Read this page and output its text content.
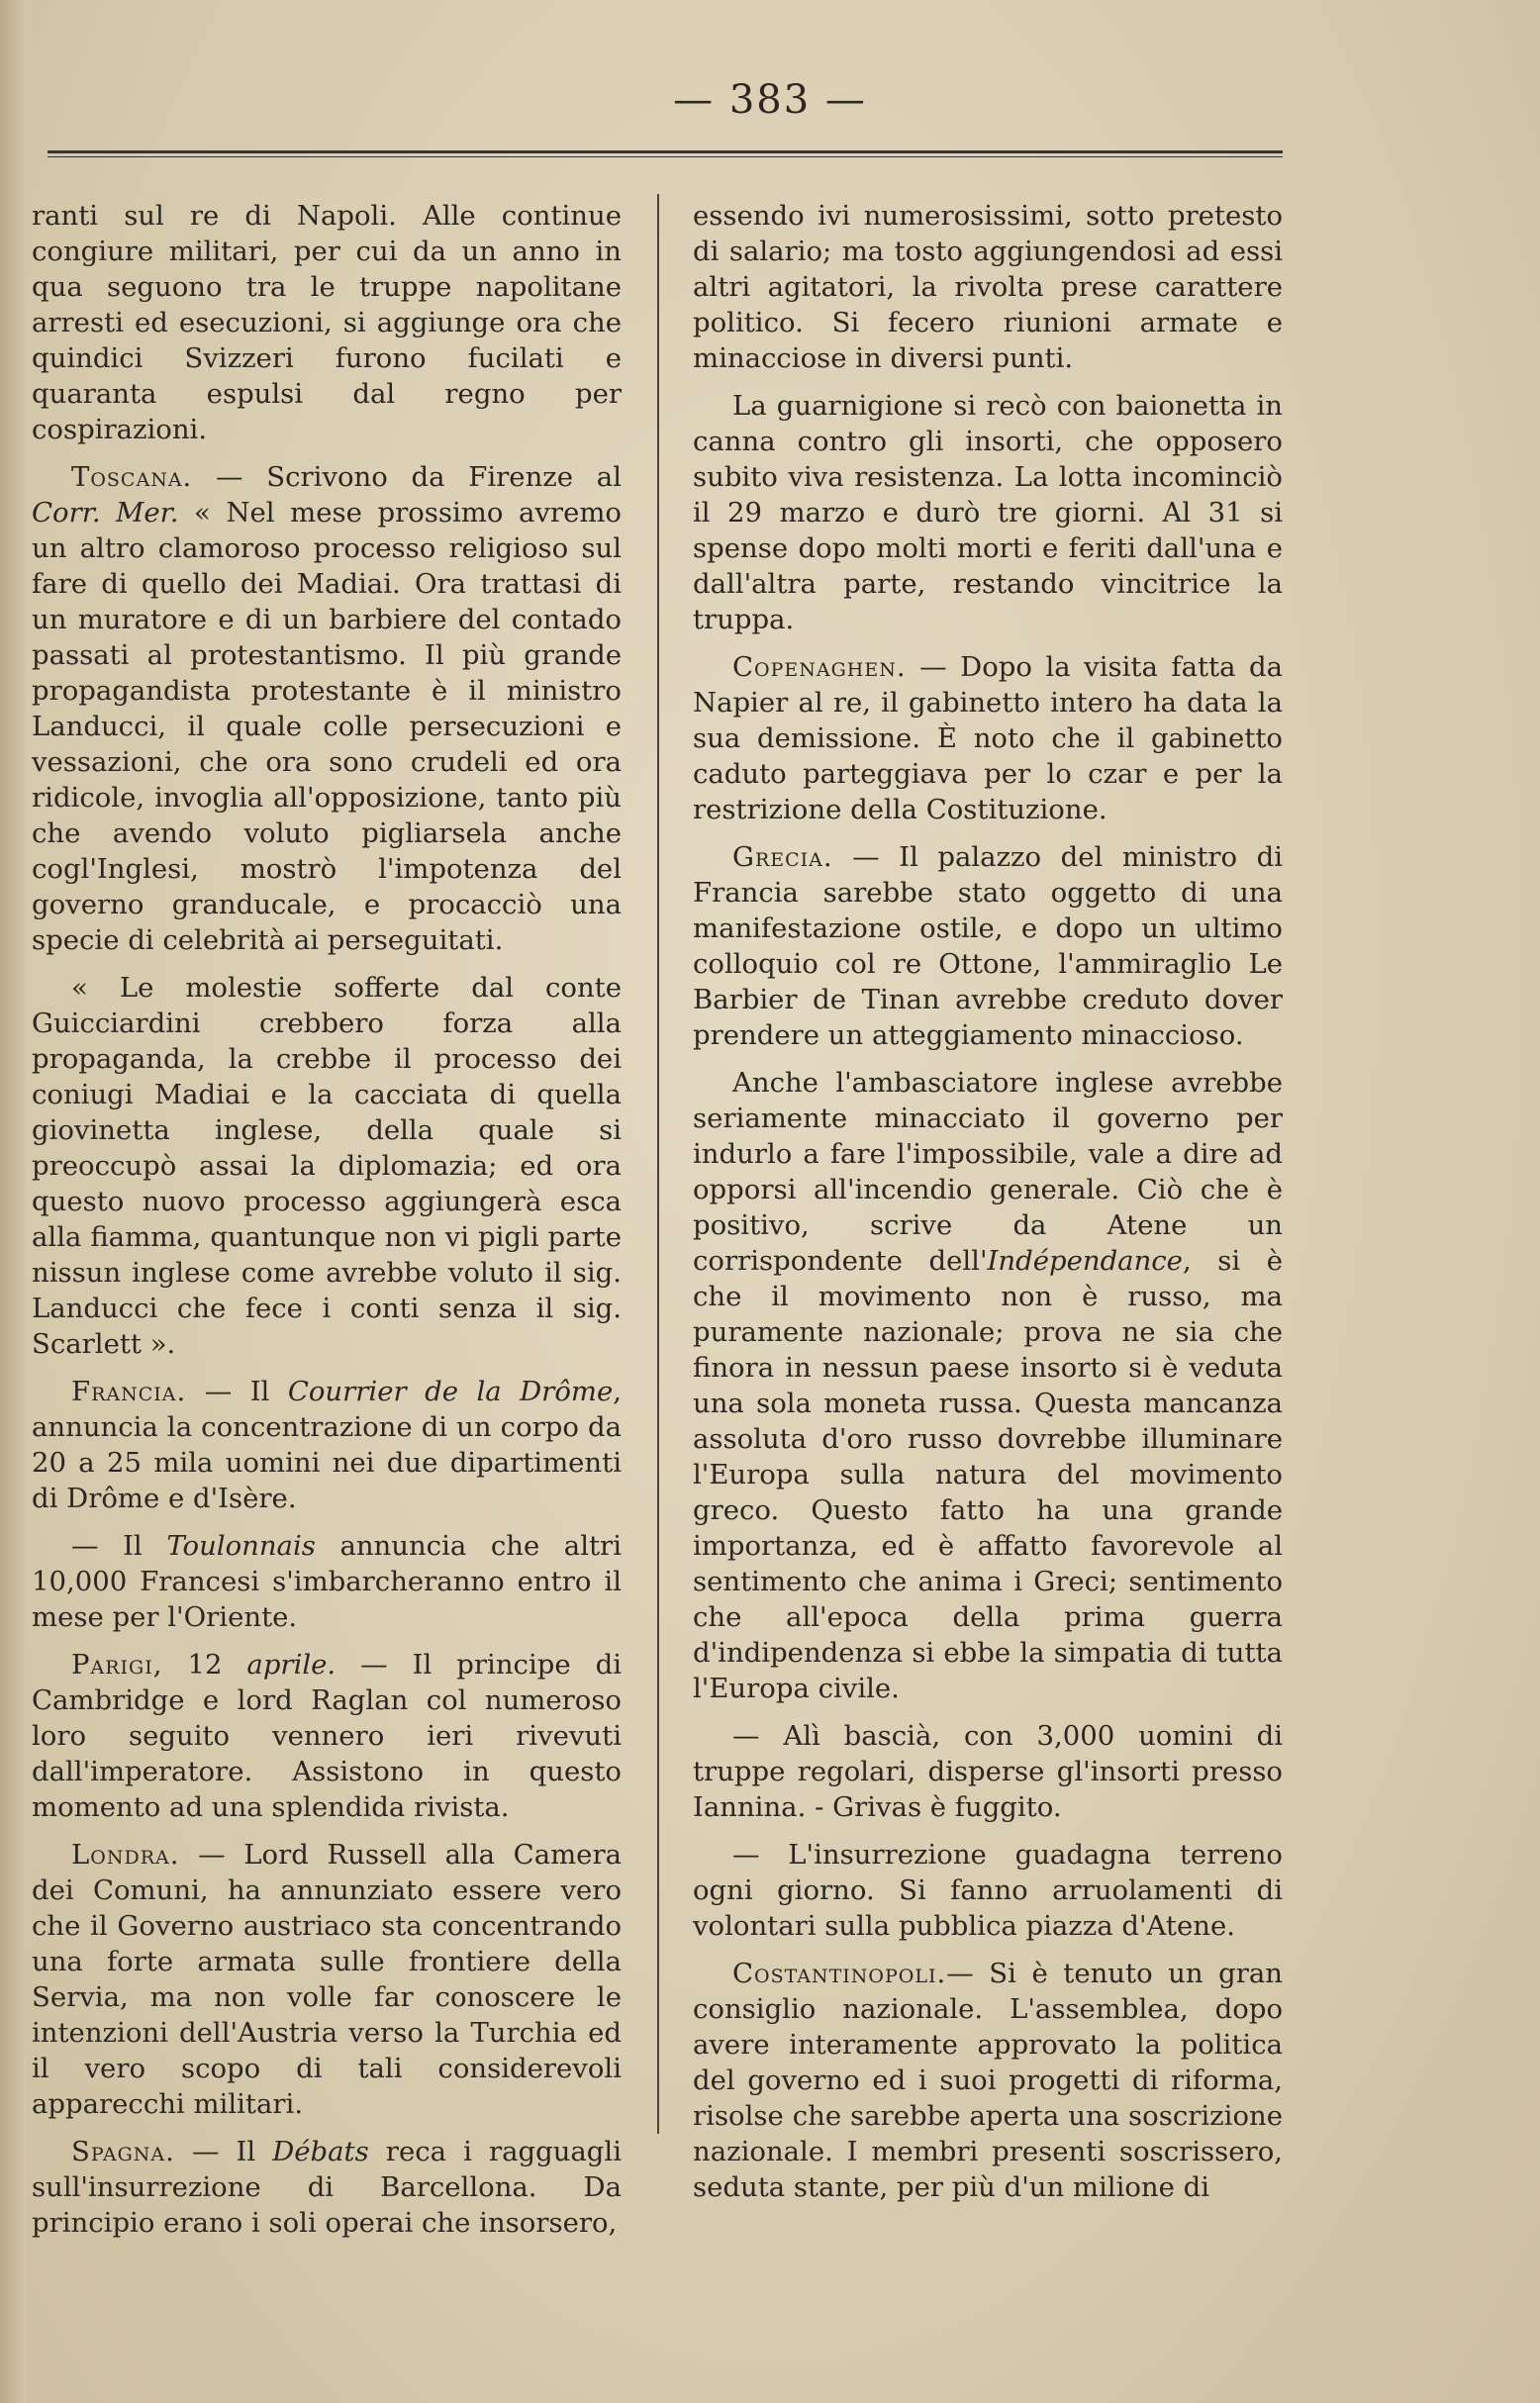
— 383 —

ranti sul re di Napoli. Alle continue congiure militari, per cui da un anno in qua seguono tra le truppe napolitane arresti ed esecuzioni, si aggiunge ora che quindici Svizzeri furono fucilati e quaranta espulsi dal regno per cospirazioni.

Toscana. — Scrivono da Firenze al Corr. Mer. « Nel mese prossimo avremo un altro clamoroso processo religioso sul fare di quello dei Madiai. Ora trattasi di un muratore e di un barbiere del contado passati al protestantismo. Il più grande propagandista protestante è il ministro Landucci, il quale colle persecuzioni e vessazioni, che ora sono crudeli ed ora ridicole, invoglia all'opposizione, tanto più che avendo voluto pigliarsela anche cogl'Inglesi, mostrò l'impotenza del governo granducale, e procacciò una specie di celebrità ai perseguitati.

« Le molestie sofferte dal conte Guicciardini crebbero forza alla propaganda, la crebbe il processo dei coniugi Madiai e la cacciata di quella giovinetta inglese, della quale si preoccupò assai la diplomazia; ed ora questo nuovo processo aggiungerà esca alla fiamma, quantunque non vi pigli parte nissun inglese come avrebbe voluto il sig. Landucci che fece i conti senza il sig. Scarlett ».

Francia. — Il Courrier de la Drôme, annuncia la concentrazione di un corpo da 20 a 25 mila uomini nei due dipartimenti di Drôme e d'Isère.

— Il Toulonnais annuncia che altri 10,000 Francesi s'imbarcheranno entro il mese per l'Oriente.

Parigi, 12 aprile. — Il principe di Cambridge e lord Raglan col numeroso loro seguito vennero ieri rivevuti dall'imperatore. Assistono in questo momento ad una splendida rivista.

Londra. — Lord Russell alla Camera dei Comuni, ha annunziato essere vero che il Governo austriaco sta concentrando una forte armata sulle frontiere della Servia, ma non volle far conoscere le intenzioni dell'Austria verso la Turchia ed il vero scopo di tali considerevoli apparecchi militari.

Spagna. — Il Débats reca i ragguagli sull'insurrezione di Barcellona. Da principio erano i soli operai che insorsero,

essendo ivi numerosissimi, sotto pretesto di salario; ma tosto aggiungendosi ad essi altri agitatori, la rivolta prese carattere politico. Si fecero riunioni armate e minacciose in diversi punti.

La guarnigione si recò con baionetta in canna contro gli insorti, che opposero subito viva resistenza. La lotta incominciò il 29 marzo e durò tre giorni. Al 31 si spense dopo molti morti e feriti dall'una e dall'altra parte, restando vincitrice la truppa.

Copenaghen. — Dopo la visita fatta da Napier al re, il gabinetto intero ha data la sua demissione. È noto che il gabinetto caduto parteggiava per lo czar e per la restrizione della Costituzione.

Grecia. — Il palazzo del ministro di Francia sarebbe stato oggetto di una manifestazione ostile, e dopo un ultimo colloquio col re Ottone, l'ammiraglio Le Barbier de Tinan avrebbe creduto dover prendere un atteggiamento minaccioso.

Anche l'ambasciatore inglese avrebbe seriamente minacciato il governo per indurlo a fare l'impossibile, vale a dire ad opporsi all'incendio generale. Ciò che è positivo, scrive da Atene un corrispondente dell'Indépendance, si è che il movimento non è russo, ma puramente nazionale; prova ne sia che finora in nessun paese insorto si è veduta una sola moneta russa. Questa mancanza assoluta d'oro russo dovrebbe illuminare l'Europa sulla natura del movimento greco. Questo fatto ha una grande importanza, ed è affatto favorevole al sentimento che anima i Greci; sentimento che all'epoca della prima guerra d'indipendenza si ebbe la simpatia di tutta l'Europa civile.

— Alì bascià, con 3,000 uomini di truppe regolari, disperse gl'insorti presso Iannina. - Grivas è fuggito.

— L'insurrezione guadagna terreno ogni giorno. Si fanno arruolamenti di volontari sulla pubblica piazza d'Atene.

Costantinopoli.— Si è tenuto un gran consiglio nazionale. L'assemblea, dopo avere interamente approvato la politica del governo ed i suoi progetti di riforma, risolse che sarebbe aperta una soscrizione nazionale. I membri presenti soscrissero, seduta stante, per più d'un milione di
